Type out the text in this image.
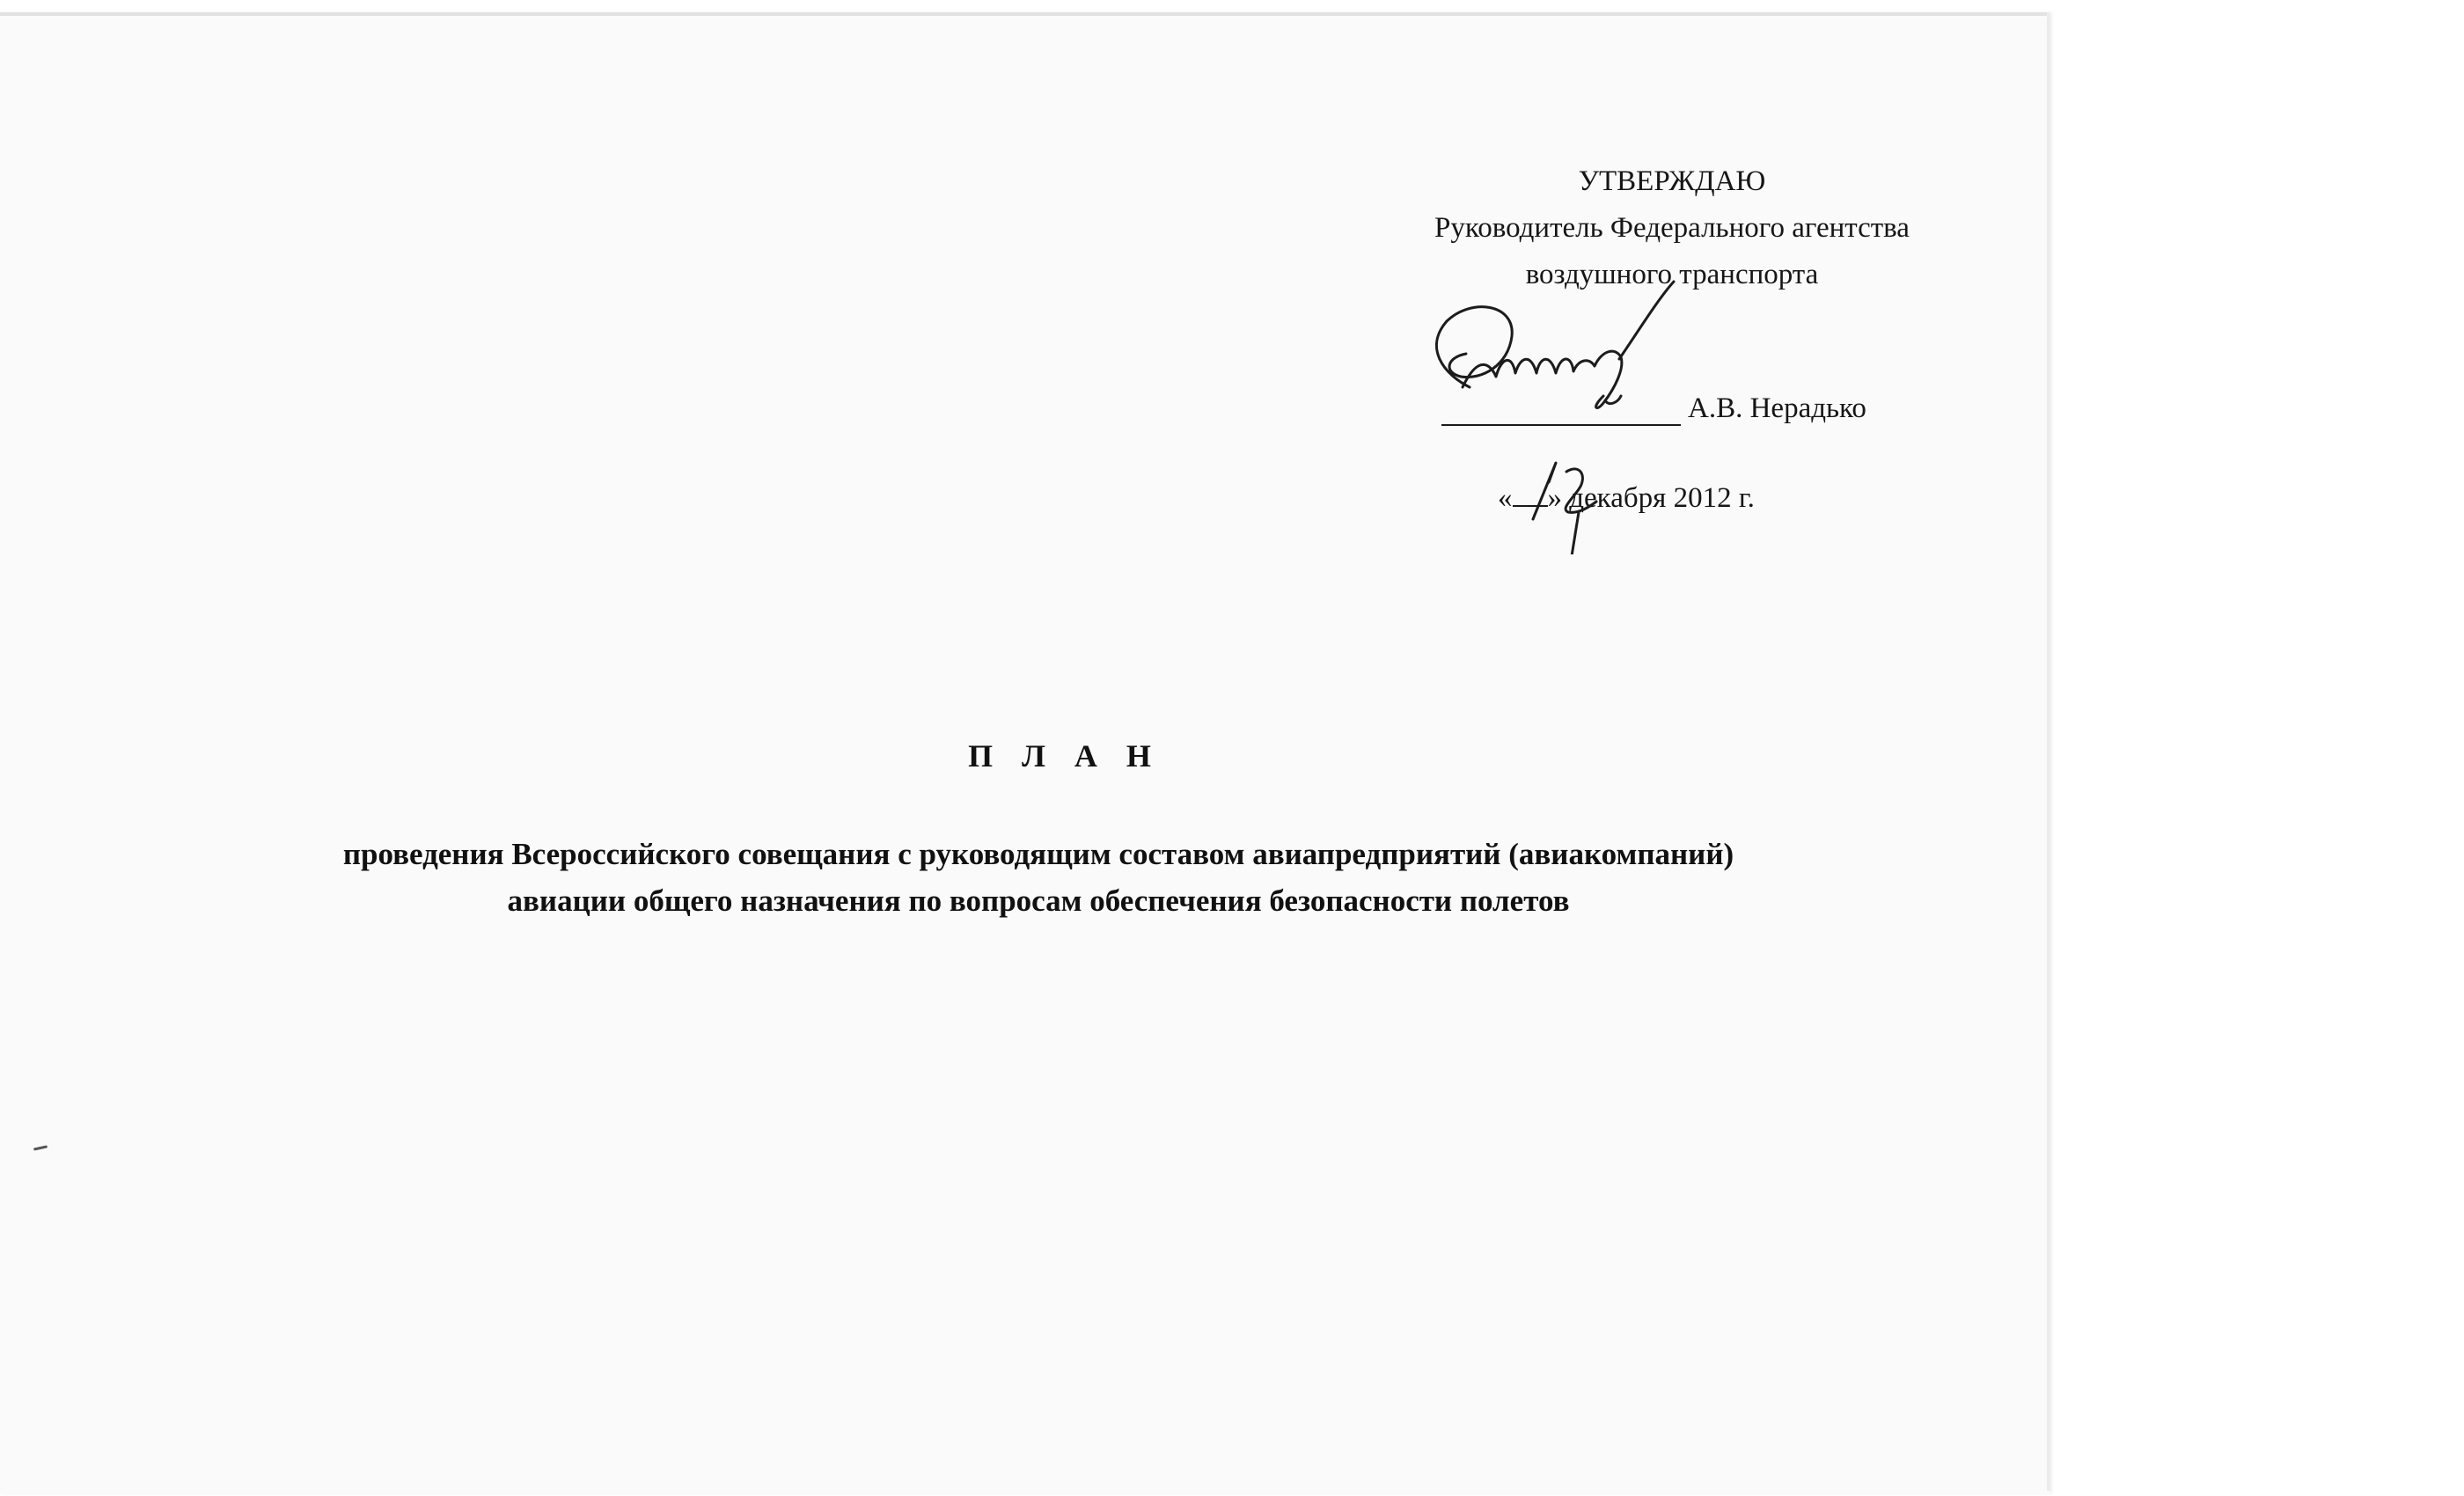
УТВЕРЖДАЮ
Руководитель Федерального агентства
воздушного транспорта
А.В. Нерадько
« » декабря 2012 г.
П Л А Н
проведения Всероссийского совещания с руководящим составом авиапредприятий (авиакомпаний)
авиации общего назначения по вопросам обеспечения безопасности полетов
